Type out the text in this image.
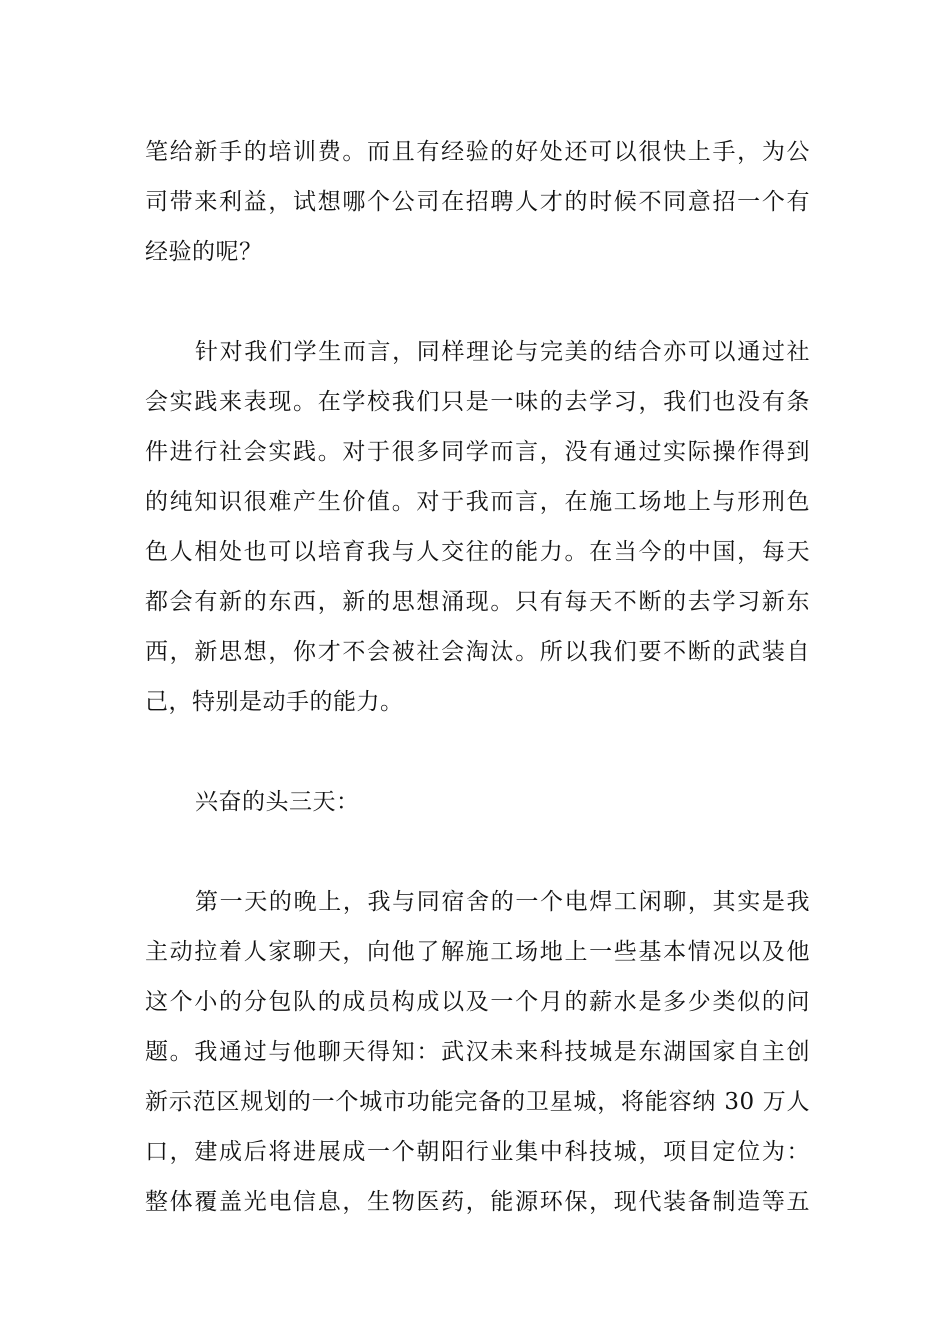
笔给新手的培训费。而且有经验的好处还可以很快上手，为公
司带来利益，试想哪个公司在招聘人才的时候不同意招一个有
经验的呢？
针对我们学生而言，同样理论与完美的结合亦可以通过社
会实践来表现。在学校我们只是一味的去学习，我们也没有条
件进行社会实践。对于很多同学而言，没有通过实际操作得到
的纯知识很难产生价值。对于我而言，在施工场地上与形刑色
色人相处也可以培育我与人交往的能力。在当今的中国，每天
都会有新的东西，新的思想涌现。只有每天不断的去学习新东
西，新思想，你才不会被社会淘汰。所以我们要不断的武装自
己，特别是动手的能力。
兴奋的头三天：
第一天的晚上，我与同宿舍的一个电焊工闲聊，其实是我
主动拉着人家聊天，向他了解施工场地上一些基本情况以及他
这个小的分包队的成员构成以及一个月的薪水是多少类似的问
题。我通过与他聊天得知：武汉未来科技城是东湖国家自主创
新示范区规划的一个城市功能完备的卫星城，将能容纳 30 万人
口，建成后将进展成一个朝阳行业集中科技城，项目定位为：
整体覆盖光电信息，生物医药，能源环保，现代装备制造等五
